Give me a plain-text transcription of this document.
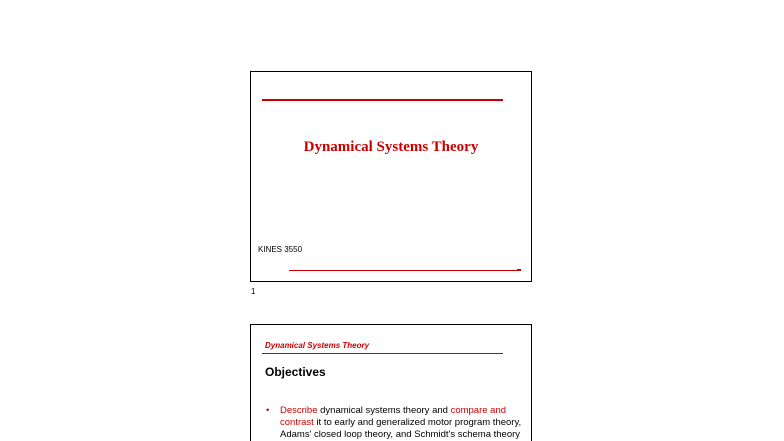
Dynamical Systems Theory
KINES 3550
1
Dynamical Systems Theory
Objectives
• Describe dynamical systems theory and compare and contrast it to early and generalized motor program theory, Adams' closed loop theory, and Schmidt's schema theory
